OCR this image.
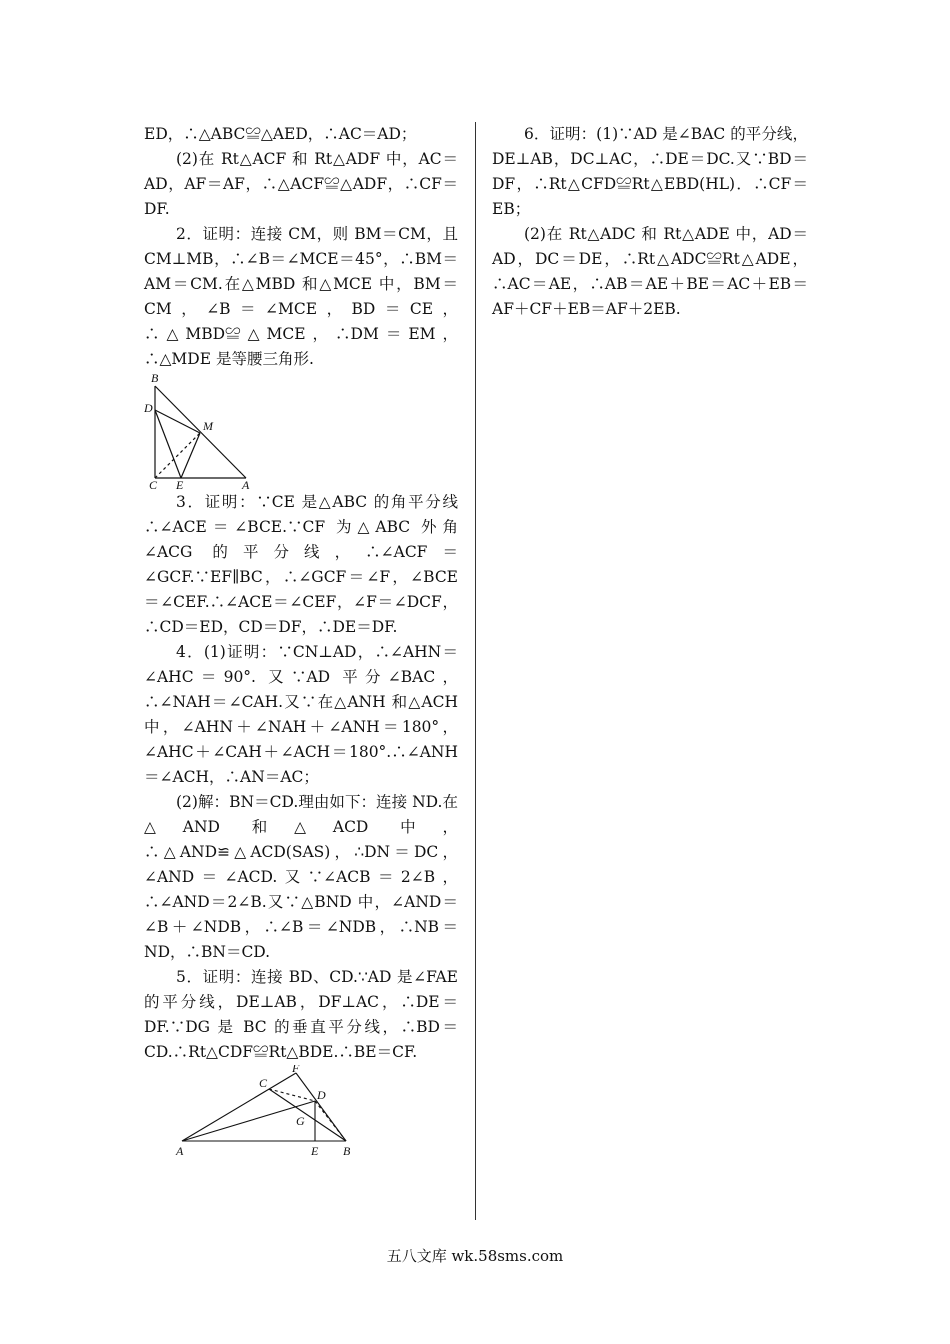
ED，∴△ABC≌△AED，∴AC＝AD；

(2)在 Rt△ACF 和 Rt△ADF 中，AC＝AD，AF＝AF，∴△ACF≌△ADF，∴CF＝DF.

2．证明：连接 CM，则 BM＝CM，且 CM⊥MB，∴∠B＝∠MCE＝45°，∴BM＝AM＝CM.在△MBD 和△MCE 中，BM＝CM，∠B＝∠MCE，BD＝CE，∴△MBD≌△MCE，∴DM＝EM，∴△MDE 是等腰三角形.

B
D
M
C E	A

3．证明：∵CE 是△ABC 的角平分线∴∠ACE＝∠BCE.∵CF 为△ABC 外角∠ACG 的平分线，∴∠ACF＝∠GCF.∵EF∥BC，∴∠GCF＝∠F，∠BCE＝∠CEF.∴∠ACE＝∠CEF，∠F＝∠DCF，∴CD＝ED，CD＝DF，∴DE＝DF.

4．(1)证明：∵CN⊥AD，∴∠AHN＝∠AHC＝90°. 又∵AD 平分∠BAC，∴∠NAH＝∠CAH.又∵在△ANH 和△ACH 中，∠AHN＋∠NAH＋∠ANH＝180°，∠AHC＋∠CAH＋∠ACH＝180°.∴∠ANH＝∠ACH，∴AN＝AC；

(2)解：BN＝CD.理由如下：连接 ND.在△AND 和△ACD 中，∴△AND≌△ACD(SAS)，∴DN＝DC，∠AND＝∠ACD.又∵∠ACB＝2∠B，∴∠AND＝2∠B.又∵△BND 中，∠AND＝∠B＋∠NDB，∴∠B＝∠NDB，∴NB＝ND，∴BN＝CD.

5．证明：连接 BD、CD.∵AD 是∠FAE 的平分线，DE⊥AB，DF⊥AC，∴DE＝DF.∵DG 是 BC 的垂直平分线，∴BD＝CD.∴Rt△CDF≌Rt△BDE.∴BE＝CF.

F
C
D
G
A	E B

6．证明：(1)∵AD 是∠BAC 的平分线，DE⊥AB，DC⊥AC，∴DE＝DC.又∵BD＝DF，∴Rt△CFD≌Rt△EBD(HL)．∴CF＝EB；

(2)在 Rt△ADC 和 Rt△ADE 中，AD＝AD，DC＝DE，∴Rt△ADC≌Rt△ADE，∴AC＝AE，∴AB＝AE＋BE＝AC＋EB＝AF＋CF＋EB＝AF＋2EB.

五八文库 wk.58sms.com
